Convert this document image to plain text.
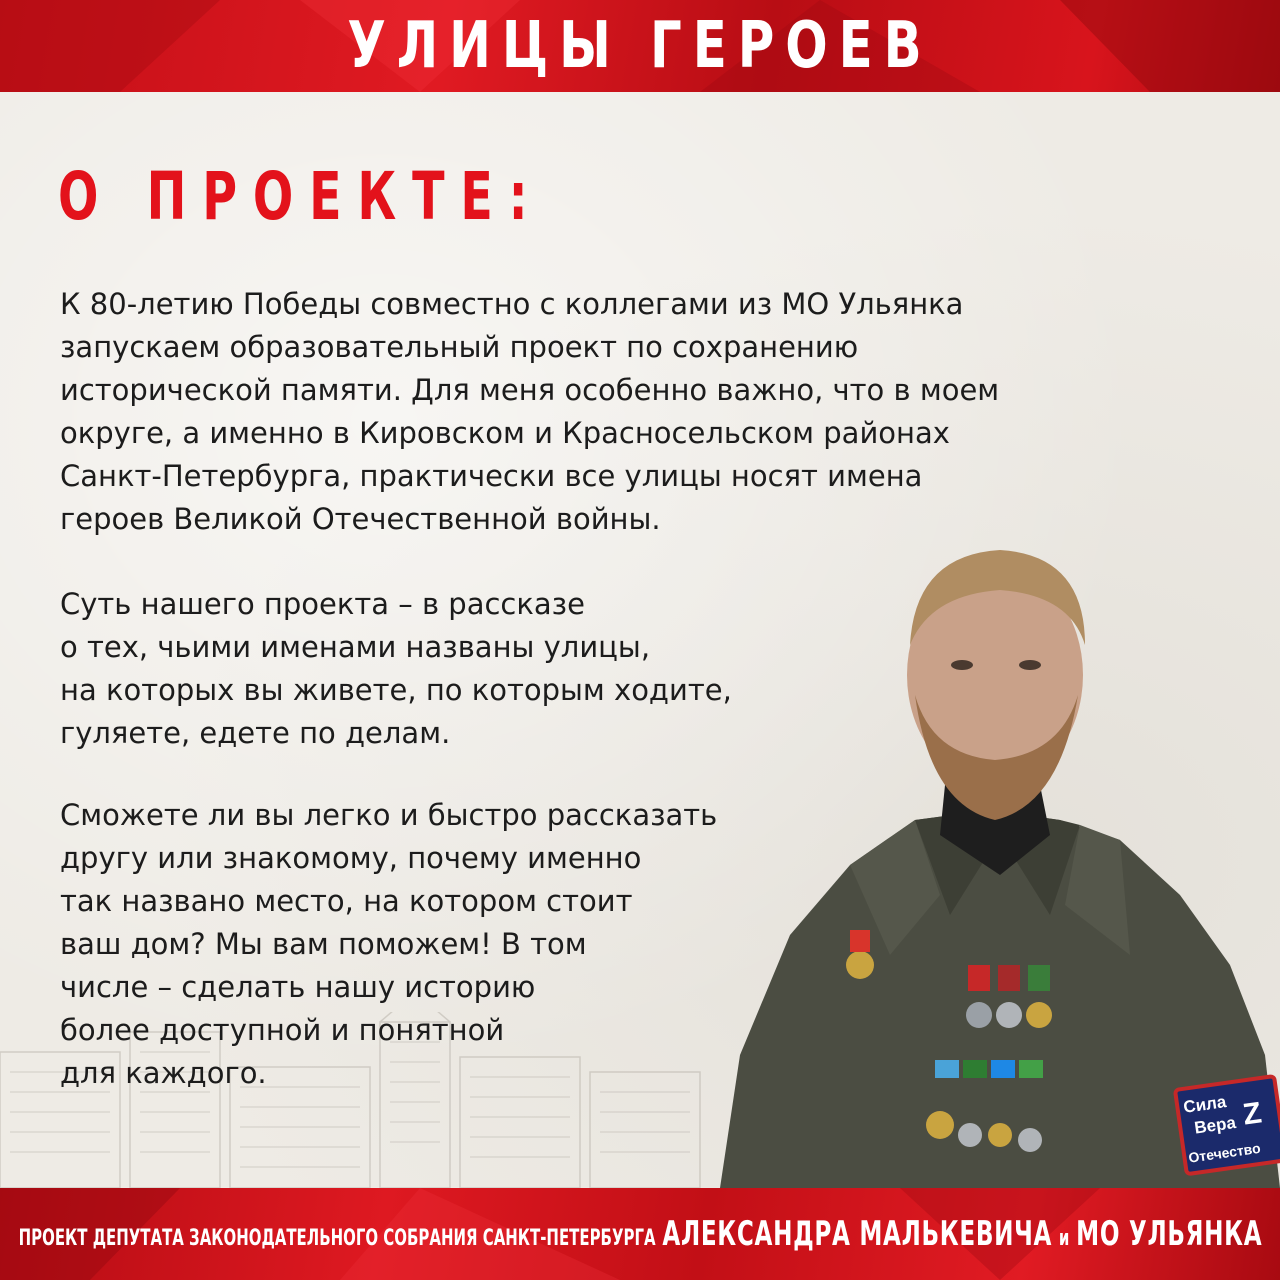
УЛИЦЫ ГЕРОЕВ
О ПРОЕКТЕ:

К 80-летию Победы совместно с коллегами из МО Ульянка
запускаем образовательный проект по сохранению
исторической памяти. Для меня особенно важно, что в моем
округе, а именно в Кировском и Красносельском районах
Санкт-Петербурга, практически все улицы носят имена
героев Великой Отечественной войны.

Суть нашего проекта – в рассказе
о тех, чьими именами названы улицы,
на которых вы живете, по которым ходите,
гуляете, едете по делам.

Сможете ли вы легко и быстро рассказать
другу или знакомому, почему именно
так названо место, на котором стоит
ваш дом? Мы вам поможем! В том
числе – сделать нашу историю
более доступной и понятной
для каждого.

Сила
Вера
Отечество
Z
ПРОЕКТ ДЕПУТАТА ЗАКОНОДАТЕЛЬНОГО СОБРАНИЯ САНКТ-ПЕТЕРБУРГА АЛЕКСАНДРА МАЛЬКЕВИЧА и МО УЛЬЯНКА
